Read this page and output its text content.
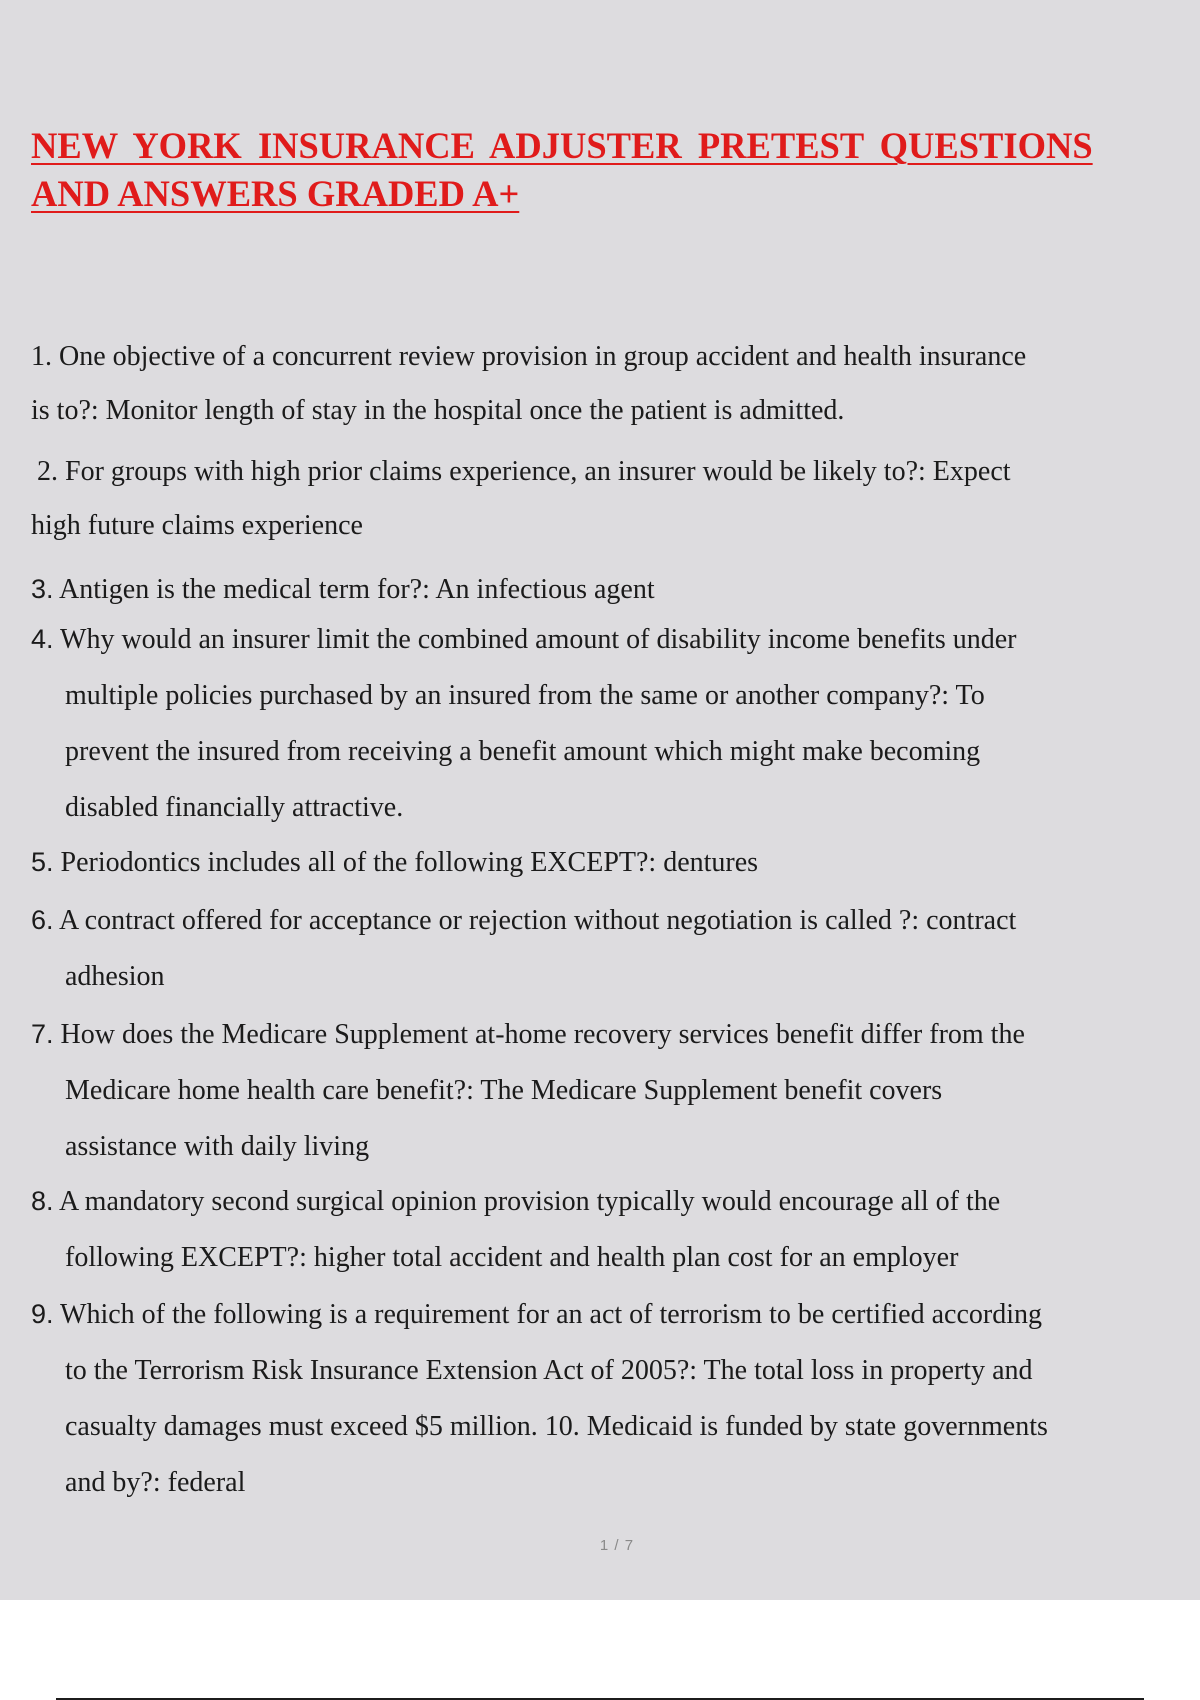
NEW YORK INSURANCE ADJUSTER PRETEST QUESTIONS
AND ANSWERS GRADED A+

1. One objective of a concurrent review provision in group accident and health insurance
is to?: Monitor length of stay in the hospital once the patient is admitted.

2. For groups with high prior claims experience, an insurer would be likely to?: Expect
high future claims experience

3. Antigen is the medical term for?: An infectious agent

4. Why would an insurer limit the combined amount of disability income benefits under
multiple policies purchased by an insured from the same or another company?: To
prevent the insured from receiving a benefit amount which might make becoming
disabled financially attractive.

5. Periodontics includes all of the following EXCEPT?: dentures

6. A contract offered for acceptance or rejection without negotiation is called ?: contract
adhesion

7. How does the Medicare Supplement at-home recovery services benefit differ from the
Medicare home health care benefit?: The Medicare Supplement benefit covers
assistance with daily living

8. A mandatory second surgical opinion provision typically would encourage all of the
following EXCEPT?: higher total accident and health plan cost for an employer

9. Which of the following is a requirement for an act of terrorism to be certified according
to the Terrorism Risk Insurance Extension Act of 2005?: The total loss in property and
casualty damages must exceed $5 million. 10. Medicaid is funded by state governments
and by?: federal

1 / 7
